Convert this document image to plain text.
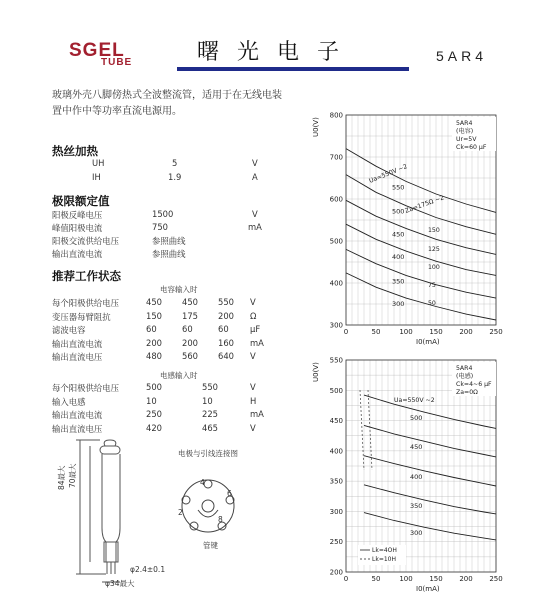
SGEL
TUBE	曙光电子	5AR4
玻璃外壳八脚傍热式全波整流管，适用于在无线电装置中作中等功率直流电源用。
热丝加热
UH	5	V
IH	1.9	A
极限额定值
阳极反峰电压	1500	V
峰值阳极电流	750	mA
阳极交流供给电压	参照曲线
输出直流电流	参照曲线
推荐工作状态
电容输入时
每个阳极供给电压	450 450 550 V
变压器每臂阻抗	150 175 200 Ω
滤波电容	60	60	60	μF
输出直流电流	200 200 160 mA
输出直流电压	480 560 640 V
电感输入时
每个阳极供给电压	500	550	V
输入电感	10	10	H
输出直流电流	250	225	mA
输出直流电压	420	465	V
84最大 70最大
φ34最大
φ2.4±0.1
电极与引线连接图
4
6
2
8
管键
0	50	100 150 200 250
300
400
500
600
700
800
I0(mA)
U0(V)
550
500
450
400
350
300
5AR4
(电容)
Ur=5V
Ck=60 μF
Ua=550V ~2
Za=175Ω ~2
150
125
100
75
50
0	50	100 150 200 250
200
250
300
350
400
450
500
550
I0(mA)
U0(V)
500
450
400
350
300
5AR4
(电感)
Ck=4~6 μF
Za=0Ω
Ua=550V ~2
Lk=4OH
Lk=10H
